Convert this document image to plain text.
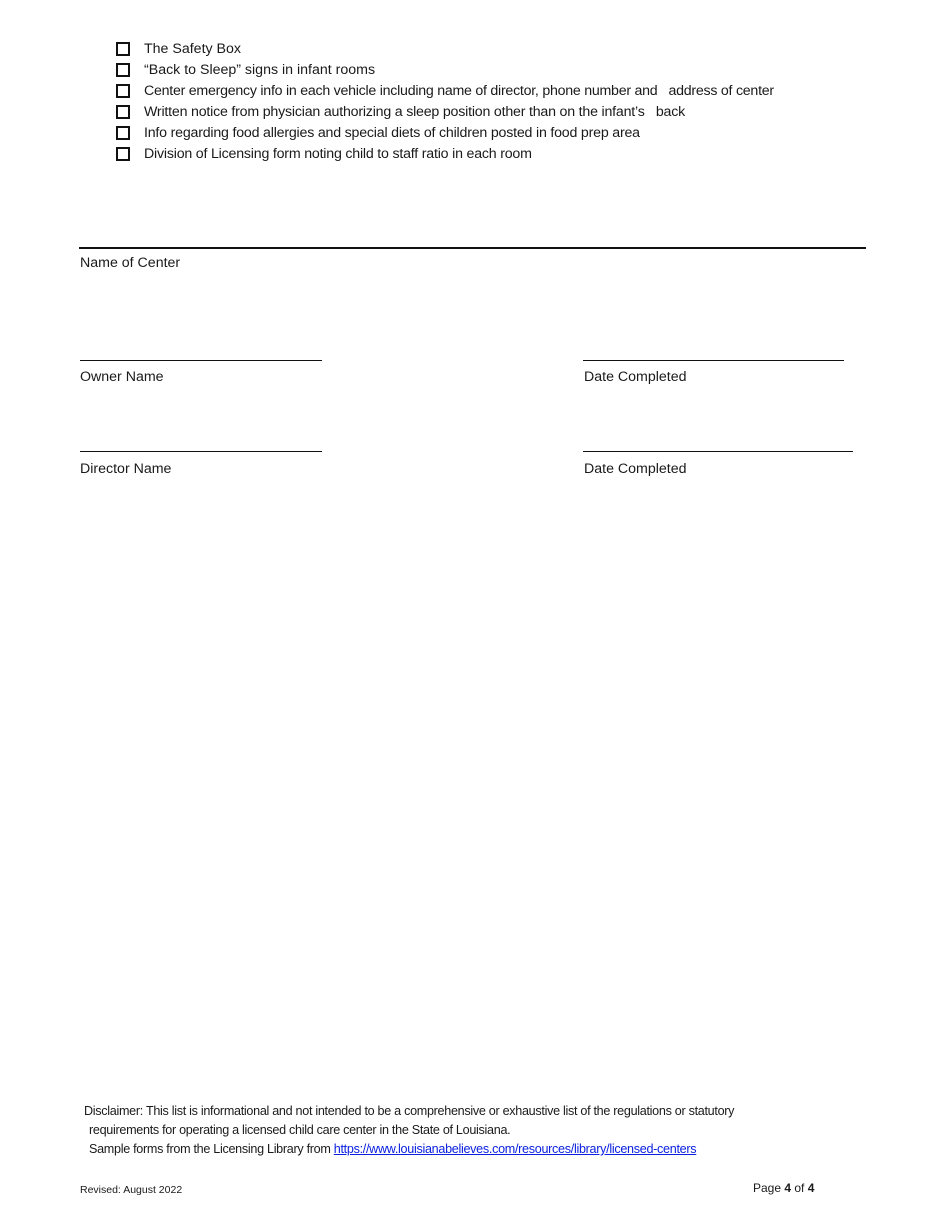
The Safety Box
“Back to Sleep” signs in infant rooms
Center emergency info in each vehicle including name of director, phone number and   address of center
Written notice from physician authorizing a sleep position other than on the infant’s   back
Info regarding food allergies and special diets of children posted in food prep area
Division of Licensing form noting child to staff ratio in each room
Name of Center
Owner Name	Date Completed
Director Name	Date Completed
Disclaimer: This list is informational and not intended to be a comprehensive or exhaustive list of the regulations or statutory
requirements for operating a licensed child care center in the State of Louisiana.
Sample forms from the Licensing Library from https://www.louisianabelieves.com/resources/library/licensed-centers
Revised: August 2022	Page 4 of 4
